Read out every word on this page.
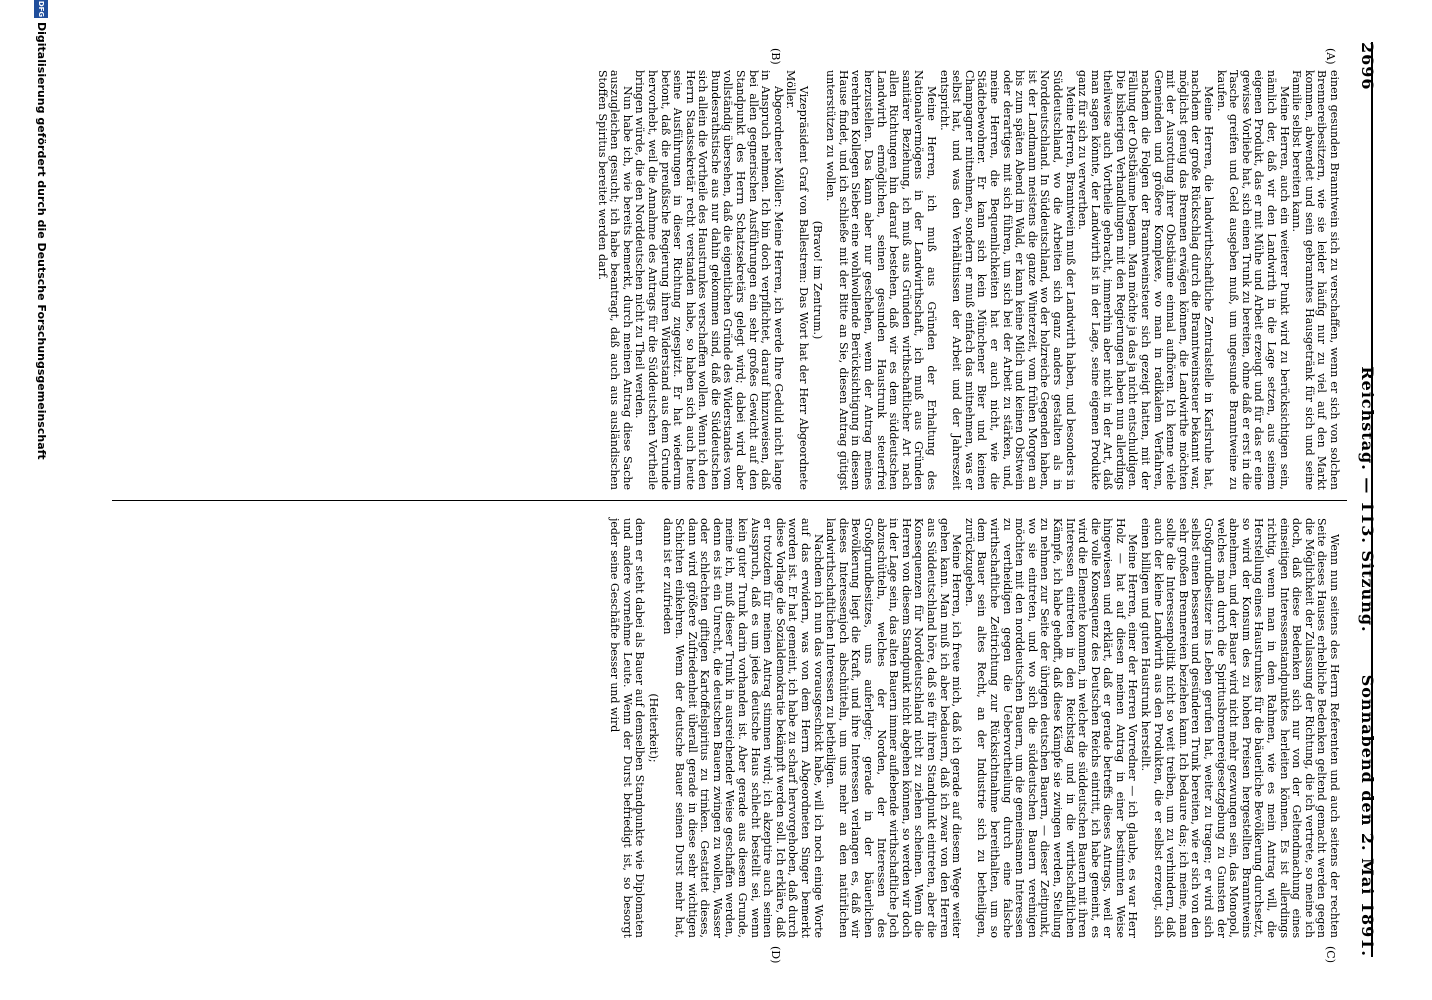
2696
Reichstag. — 113. Sitzung.
Sonnabend den 2. Mai 1891.
(A)
(B)
(C)
(D)

einen gesunden Branntwein sich zu verschaffen, wenn er sich von solchen Brennereibesitzern, wie sie leider häufig nur zu viel auf den Markt kommen, abwendet und sein gebranntes Hausgetränk für sich und seine Familie selbst bereiten kann.

Meine Herren, auch ein weiterer Punkt wird zu berücksichtigen sein, nämlich der, daß wir den Landwirth in die Lage setzen, aus seinem eigenen Produkt, das er mit Mühe und Arbeit erzeugt und für das er eine gewisse Vorliebe hat, sich einen Trunk zu bereiten, ohne daß er erst in die Tasche greifen und Geld ausgeben muß, um ungesunde Branntweine zu kaufen.

Meine Herren, die landwirthschaftliche Zentralstelle in Karlsruhe hat, nachdem der große Rückschlag durch die Branntweinsteuer bekannt war, möglichst genug das Brennen erwägen können, die Landwirthe möchten mit der Ausrottung ihrer Obstbäume einmal aufhören. Ich kenne viele Gemeinden und größere Komplexe, wo man in radikalem Verfahren, nachdem die Folgen der Branntweinsteuer sich gezeigt hatten, mit der Fällung der Obstbäume begann. Man möchte ja das ja nicht entschuldigen. Die bisherigen Verhandlungen mit den Regierungen haben nun allerdings theilweise auch Vortheile gebracht, immerhin aber nicht in der Art, daß man sagen könnte, der Landwirth ist in der Lage, seine eigenen Produkte ganz für sich zu verwerthen.

Meine Herren, Branntwein muß der Landwirth haben, und besonders in Süddeutschland, wo die Arbeiten sich ganz anders gestalten als in Norddeutschland. In Süddeutschland, wo der holzreiche Gegenden haben, ist der Landmann meistens die ganze Winterzeit, vom frühen Morgen an bis zum späten Abend im Wald, er kann keine Milch und keinen Obstwein oder derartiges mit sich führen, um sich bei der Arbeit zu stärken, und, meine Herren, die Bequemlichkeiten hat er auch nicht, wie die Städtebewohner. Er kann sich kein Münchener Bier und keinen Champagner mitnehmen, sondern er muß einfach das mitnehmen, was er selbst hat, und was den Verhältnissen der Arbeit und der Jahreszeit entspricht.

Meine Herren, ich muß aus Gründen der Erhaltung des Nationalvermögens in der Landwirthschaft, ich muß aus Gründen sanitärer Beziehung, ich muß aus Gründen wirthschaftlicher Art nach allen Richtungen hin darauf bestehen, daß wir es dem süddeutschen Landwirth ermöglichen, seinen gesunden Haustrunk steuerfrei herzustellen. Das kann aber nur geschehen, wenn der Antrag meines verehrten Kollegen Sieber eine wohlwollende Berücksichtigung in diesem Hause findet, und ich schließe mit der Bitte an Sie, diesen Antrag gütigst unterstützen zu wollen.

(Bravo! im Zentrum.)

Vizepräsident Graf von Ballestrem: Das Wort hat der Herr Abgeordnete Möller.

Abgeordneter Möller: Meine Herren, ich werde Ihre Geduld nicht lange in Anspruch nehmen. Ich bin doch verpflichtet, darauf hinzuweisen, daß bei allen gegnerischen Ausführungen ein sehr großes Gewicht auf den Standpunkt des Herrn Schatzsekretärs gelegt wird; dabei wird aber vollständig übersehen, daß die eigentlichen Gründe des Widerstandes vom Bundesrathstische aus nur dahin gekommen sind, daß die Süddeutschen sich allein die Vortheile des Haustrunkes verschaffen wollen. Wenn ich den Herrn Staatssekretär recht verstanden habe, so haben sich auch heute seine Ausführungen in dieser Richtung zugespitzt. Er hat wiederum betont, daß die preußische Regierung ihren Widerstand aus dem Grunde hervorhebt, weil die Annahme des Antrags für die Süddeutschen Vortheile bringen würde, die den Norddeutschen nicht zu Theil werden.

Nun habe ich, wie bereits bemerkt, durch meinen Antrag diese Sache auszugleichen gesucht; ich habe beantragt, daß auch aus ausländischen Stoffen Spiritus bereitet werden darf.

Wenn nun seitens des Herrn Referenten und auch seitens der rechten Seite dieses Hauses erhebliche Bedenken geltend gemacht werden gegen die Möglichkeit der Zulassung der Richtung, die ich vertrete, so meine ich doch, daß diese Bedenken sich nur von der Geltendmachung eines einseitigen Interessenstandpunktes herleiten können. Es ist allerdings richtig, wenn man in dem Rahmen, wie es mein Antrag will, die Herstellung eines Haustrunkes für die bäuerliche Bevölkerung durchsetzt, so wird der Konsum des zu hohen Preisen hergestellten Branntweins abnehmen, und der Bauer wird nicht mehr gezwungen sein, das Monopol, welches man durch die Spiritusbrennereigesetzgebung zu Gunsten der Großgrundbesitzer ins Leben gerufen hat, weiter zu tragen; er wird sich selbst einen besseren und gesünderen Trunk bereiten, wie er sich von den sehr großen Brennereien beziehen kann. Ich bedaure das; ich meine, man sollte die Interessenpolitik nicht so weit treiben, um zu verhindern, daß auch der kleine Landwirth aus den Produkten, die er selbst erzeugt, sich einen billigen und guten Haustrunk herstellt.

Meine Herren, einer der Herren Vorredner — ich glaube, es war Herr Holz — hat auf diesen meinen Antrag in einer bestimmten Weise hingewiesen und erklärt, daß er gerade betreffs dieses Antrags, weil er die volle Konsequenz des Deutschen Reichs eintritt, ich habe gemeint, es wird die Elemente kommen, in welcher die süddeutschen Bauern mit ihren Interessen eintreten in den Reichstag und in die wirthschaftlichen Kämpfe, ich habe gehofft, daß diese Kämpfe sie zwingen werden, Stellung zu nehmen zur Seite der übrigen deutschen Bauern, — dieser Zeitpunkt, wo sie eintreten, und wo sich die süddeutschen Bauern vereinigen möchten mit den norddeutschen Bauern, um die gemeinsamen Interessen zu vertheidigen gegen die Uebervortheilung durch eine falsche wirthschaftliche Zeitrichtung zur Rücksichtnahme bereithalten, um so dem Bauer sein altes Recht, an der Industrie sich zu betheiligen, zurückzugeben.

Meine Herren, ich freue mich, daß ich gerade auf diesem Wege weiter gehen kann. Man muß ich aber bedauern, daß ich zwar von den Herren aus Süddeutschland höre, daß sie für ihren Standpunkt eintreten, aber die Konsequenzen für Norddeutschland nicht zu ziehen scheinen. Wenn die Herren von diesem Standpunkt nicht abgehen können, so werden wir doch in der Lage sein, das alten Bauern immer auflebende wirthschaftliche Joch abzuschütteln, welches der Norden, der Interessen des Großgrundbesitzes, uns auferlegte; gerade in der bäuerlichen Bevölkerung liegt die Kraft, und ihre Interessen verlangen es, daß wir dieses Interessenjoch abschütteln, um uns mehr an den natürlichen landwirthschaftlichen Interessen zu betheiligen.

Nachdem ich nun das vorausgeschickt habe, will ich noch einige Worte auf das erwidern, was von dem Herrn Abgeordneten Singer bemerkt worden ist. Er hat gemeint, ich habe zu scharf hervorgehoben, daß durch diese Vorlage die Sozialdemokratie bekämpft werden soll. Ich erkläre, daß er trotzdem für meinen Antrag stimmen wird; ich akzeptire auch seinen Ausspruch, daß es um jedes deutsche Haus schlecht bestellt sei, wenn kein guter Trunk darin vorhanden ist. Aber gerade aus diesem Grunde, meine ich, muß dieser Trunk in ausreichender Weise geschaffen werden, denn es ist ein Unrecht, die deutschen Bauern zwingen zu wollen, Wasser oder schlechten giftigen Kartoffelspiritus zu trinken. Gestattet dieses, dann wird größere Zufriedenheit überall gerade in diese sehr wichtigen Schichten einkehren. Wenn der deutsche Bauer seinen Durst mehr hat, dann ist er zufrieden

(Heiterkeit);

denn er steht dabei als Bauer auf demselben Standpunkte wie Diplomaten und andere vornehme Leute. Wenn der Durst befriedigt ist, so besorgt jeder seine Geschäfte besser und wird

DFG
Digitalisierung gefördert durch die Deutsche Forschungsgemeinschaft
